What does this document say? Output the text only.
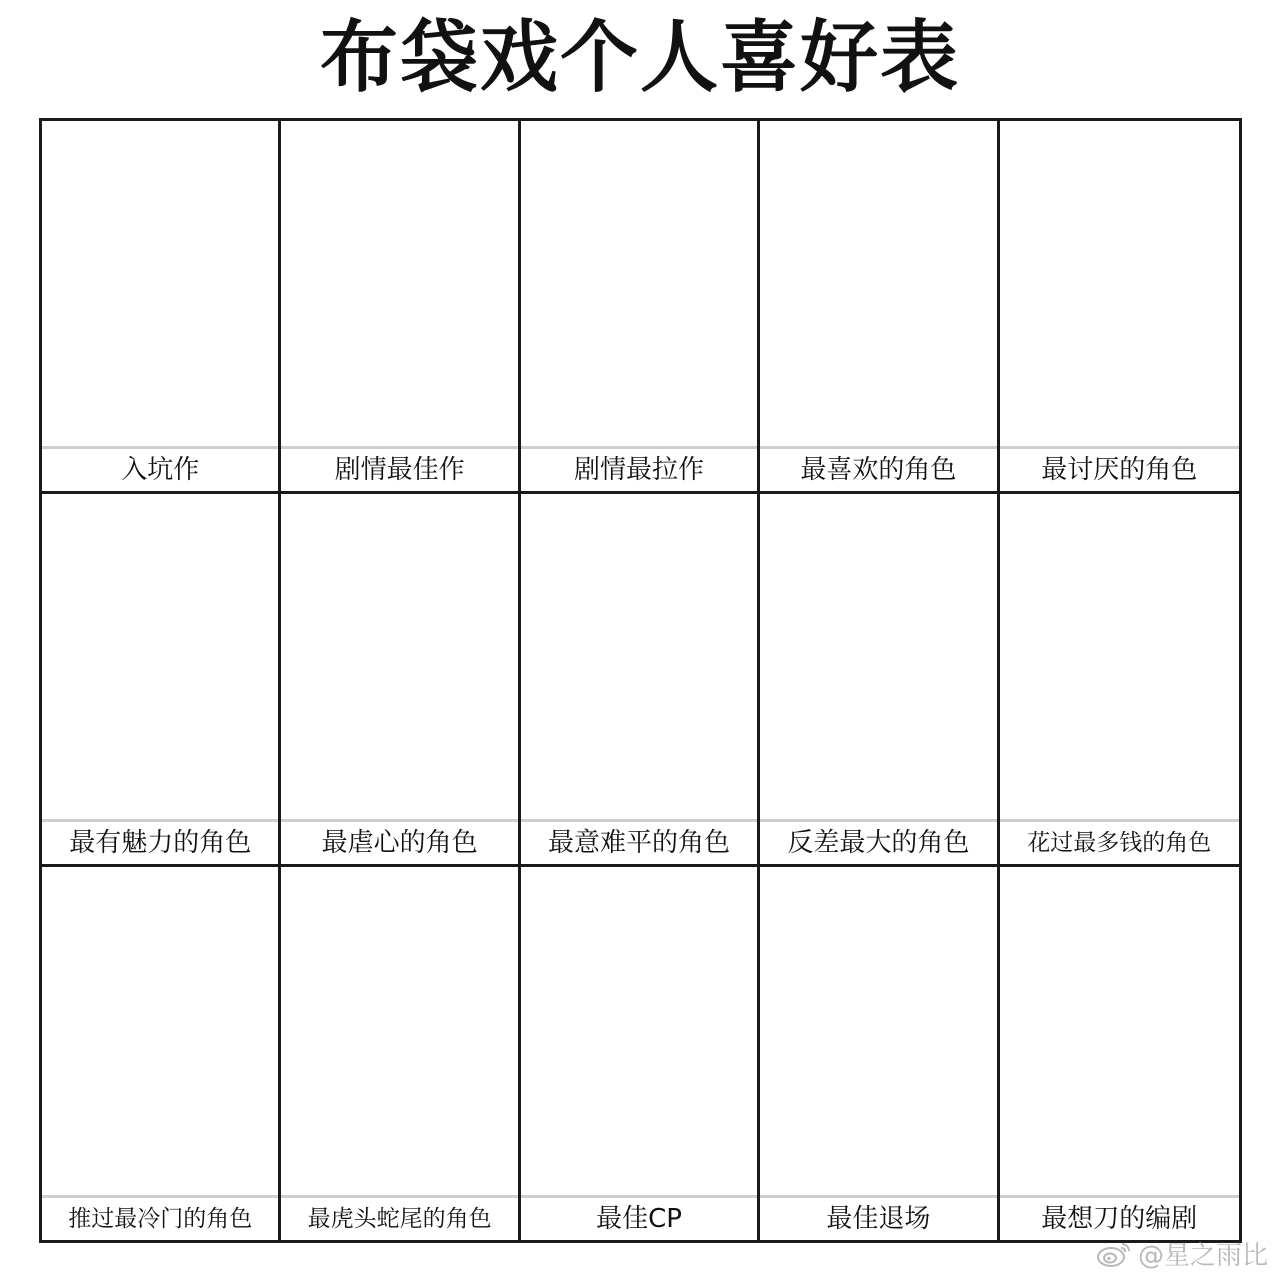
布袋戏个人喜好表
入坑作	剧情最佳作	剧情最拉作	最喜欢的角色	最讨厌的角色
最有魅力的角色	最虐心的角色	最意难平的角色	反差最大的角色	花过最多钱的角色
推过最冷门的角色	最虎头蛇尾的角色	最佳CP	最佳退场	最想刀的编剧
@星之雨比
